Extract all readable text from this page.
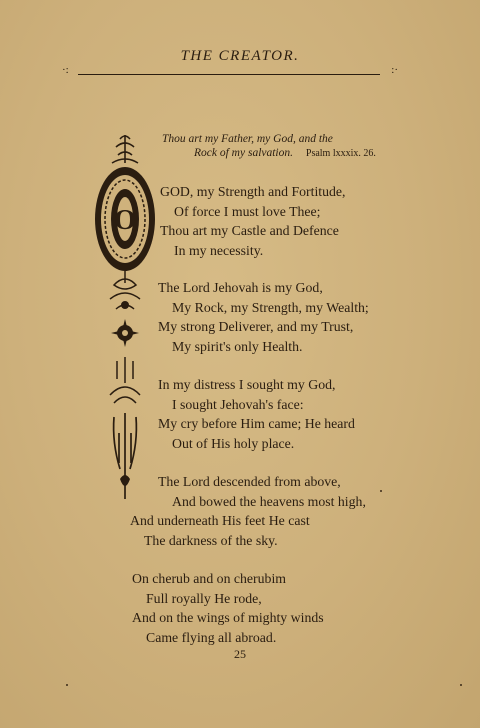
THE CREATOR.
·:	:·
Thou art my Father, my God, and the
Rock of my salvation. Psalm lxxxix. 26.
O
GOD, my Strength and Fortitude,
Of force I must love Thee;
Thou art my Castle and Defence
In my necessity.
The Lord Jehovah is my God,
My Rock, my Strength, my Wealth;
My strong Deliverer, and my Trust,
My spirit's only Health.
In my distress I sought my God,
I sought Jehovah's face:
My cry before Him came; He heard
Out of His holy place.
The Lord descended from above,
And bowed the heavens most high,
And underneath His feet He cast
The darkness of the sky.
On cherub and on cherubim
Full royally He rode,
And on the wings of mighty winds
Came flying all abroad.
25
